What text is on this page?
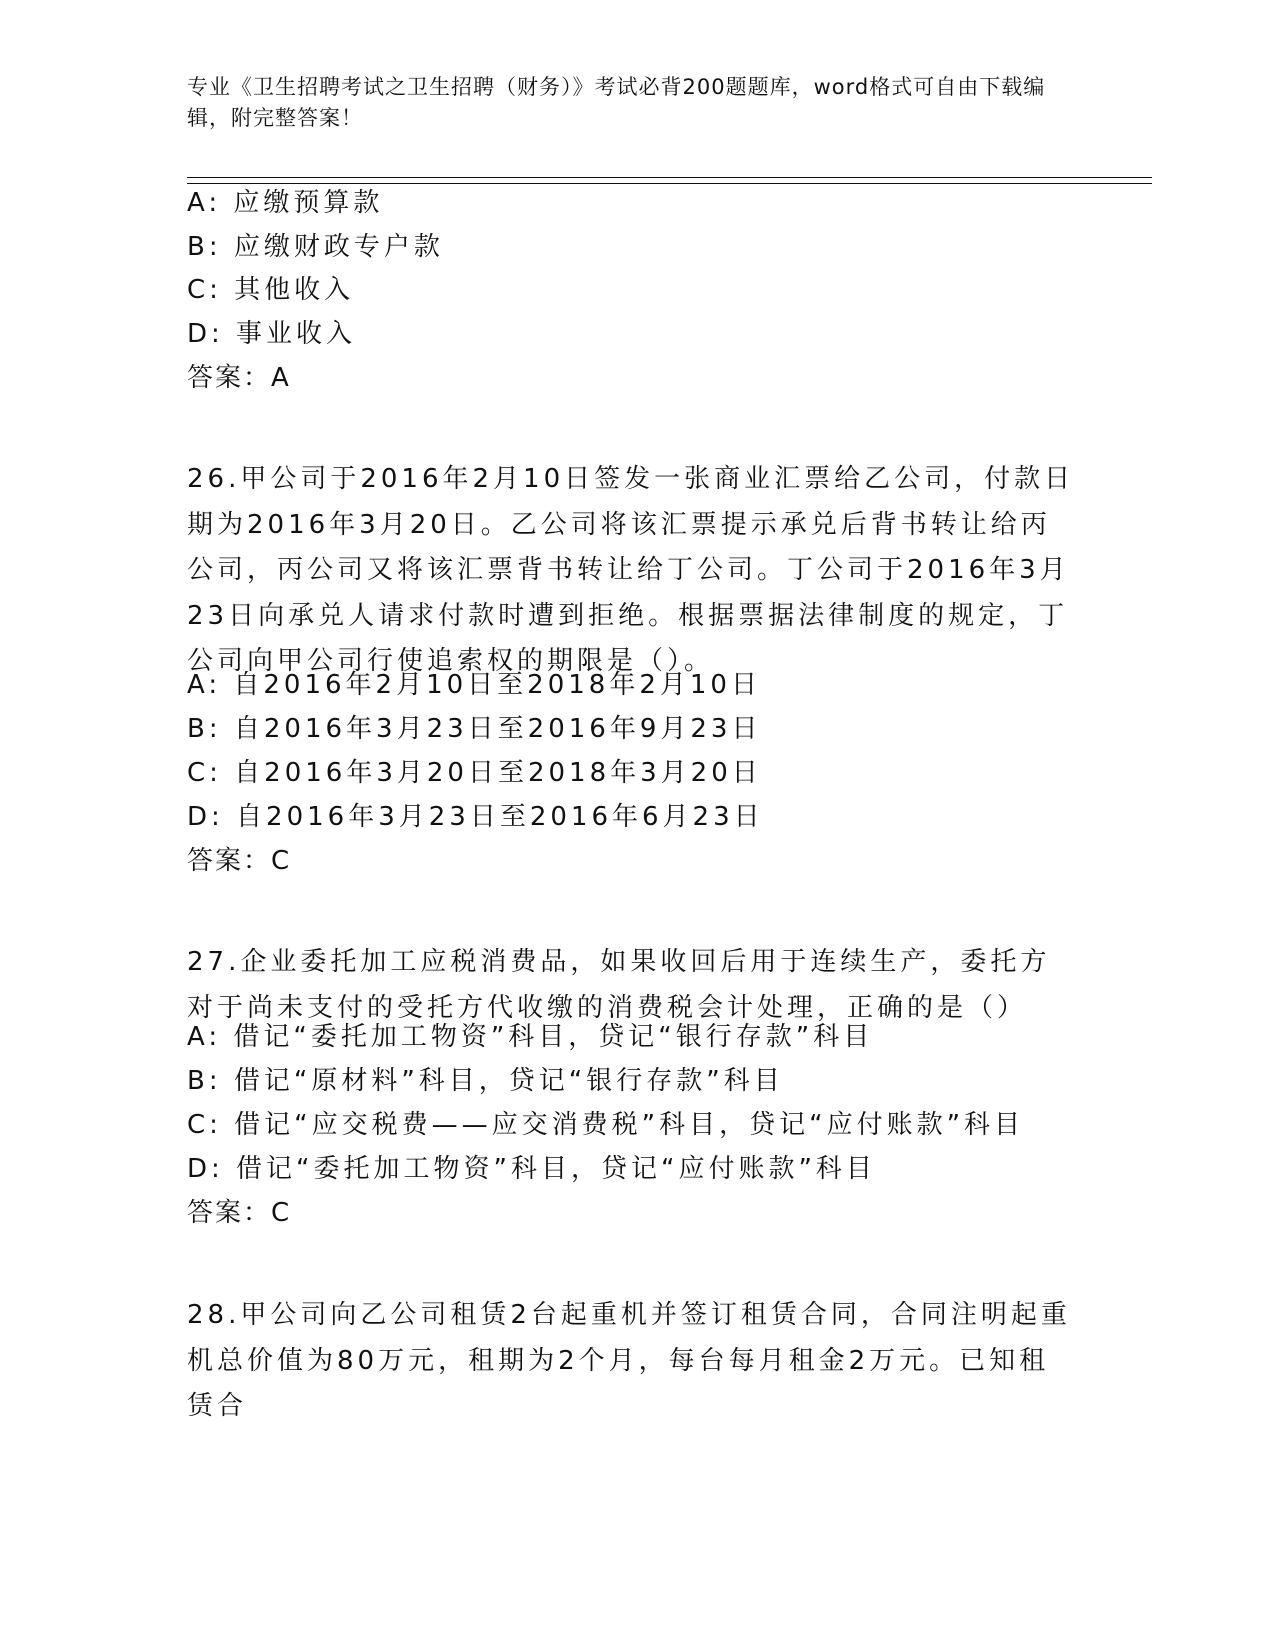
专业《卫生招聘考试之卫生招聘（财务）》考试必背200题题库，word格式可自由下载编辑，附完整答案！
A: 应缴预算款
B: 应缴财政专户款
C: 其他收入
D: 事业收入
答案：A
26.甲公司于2016年2月10日签发一张商业汇票给乙公司，付款日期为2016年3月20日。乙公司将该汇票提示承兑后背书转让给丙公司，丙公司又将该汇票背书转让给丁公司。丁公司于2016年3月23日向承兑人请求付款时遭到拒绝。根据票据法律制度的规定，丁公司向甲公司行使追索权的期限是（）。
A: 自2016年2月10日至2018年2月10日
B: 自2016年3月23日至2016年9月23日
C: 自2016年3月20日至2018年3月20日
D: 自2016年3月23日至2016年6月23日
答案：C
27.企业委托加工应税消费品，如果收回后用于连续生产，委托方对于尚未支付的受托方代收缴的消费税会计处理，正确的是（）
A: 借记“委托加工物资”科目，贷记“银行存款”科目
B: 借记“原材料”科目，贷记“银行存款”科目
C: 借记“应交税费——应交消费税”科目，贷记“应付账款”科目
D: 借记“委托加工物资”科目，贷记“应付账款”科目
答案：C
28.甲公司向乙公司租赁2台起重机并签订租赁合同，合同注明起重机总价值为80万元，租期为2个月，每台每月租金2万元。已知租赁合
